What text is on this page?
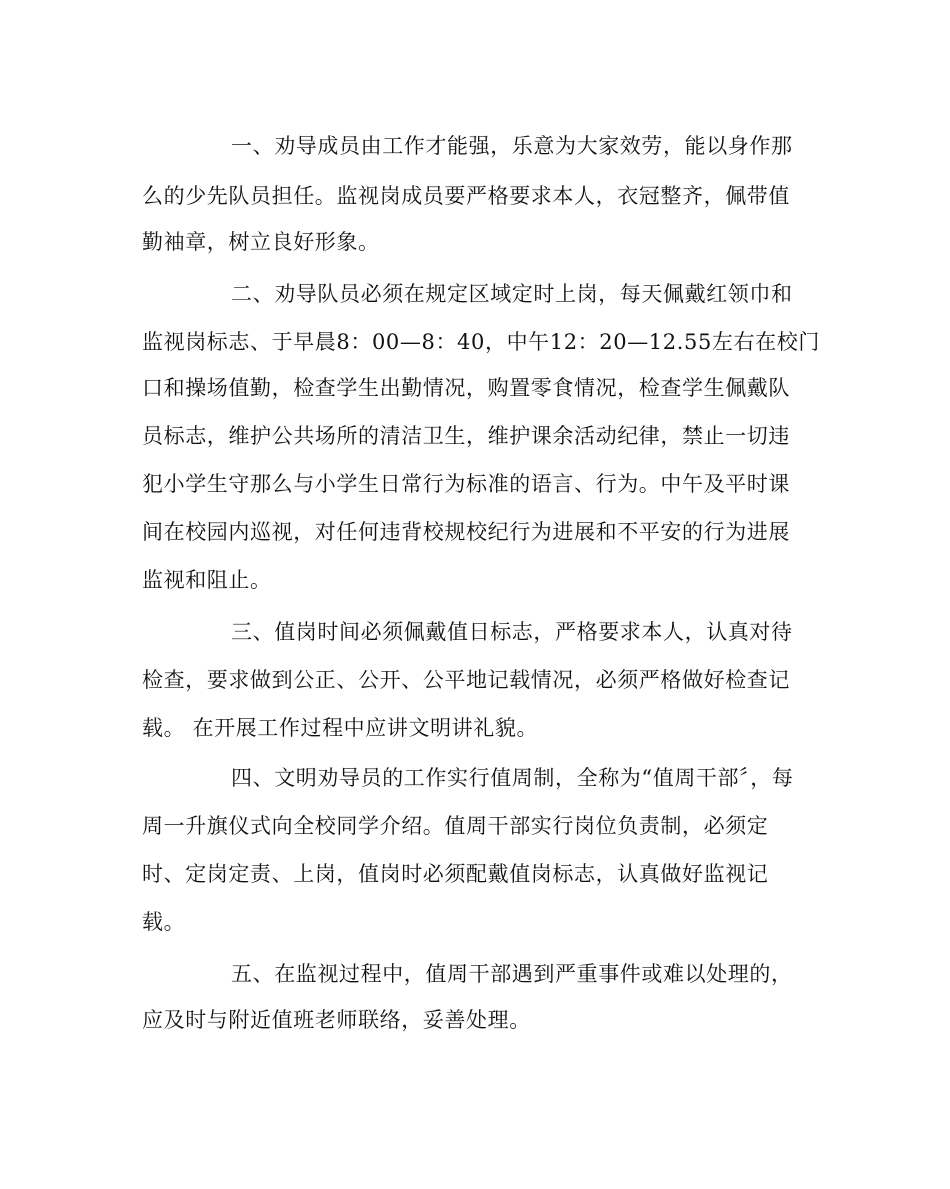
一、劝导成员由工作才能强，乐意为大家效劳，能以身作那
么的少先队员担任。监视岗成员要严格要求本人，衣冠整齐，佩带值
勤袖章，树立良好形象。
二、劝导队员必须在规定区域定时上岗，每天佩戴红领巾和
监视岗标志、于早晨8：00—8：40，中午12：20—12.55左右在校门
口和操场值勤，检查学生出勤情况，购置零食情况，检查学生佩戴队
员标志，维护公共场所的清洁卫生，维护课余活动纪律，禁止一切违
犯小学生守那么与小学生日常行为标准的语言、行为。中午及平时课
间在校园内巡视，对任何违背校规校纪行为进展和不平安的行为进展
监视和阻止。
三、值岗时间必须佩戴值日标志，严格要求本人，认真对待
检查，要求做到公正、公开、公平地记载情况，必须严格做好检查记
载。 在开展工作过程中应讲文明讲礼貌。
四、文明劝导员的工作实行值周制，全称为“值周干部〞，每
周一升旗仪式向全校同学介绍。值周干部实行岗位负责制，必须定
时、定岗定责、上岗，值岗时必须配戴值岗标志，认真做好监视记
载。
五、在监视过程中，值周干部遇到严重事件或难以处理的，
应及时与附近值班老师联络，妥善处理。
